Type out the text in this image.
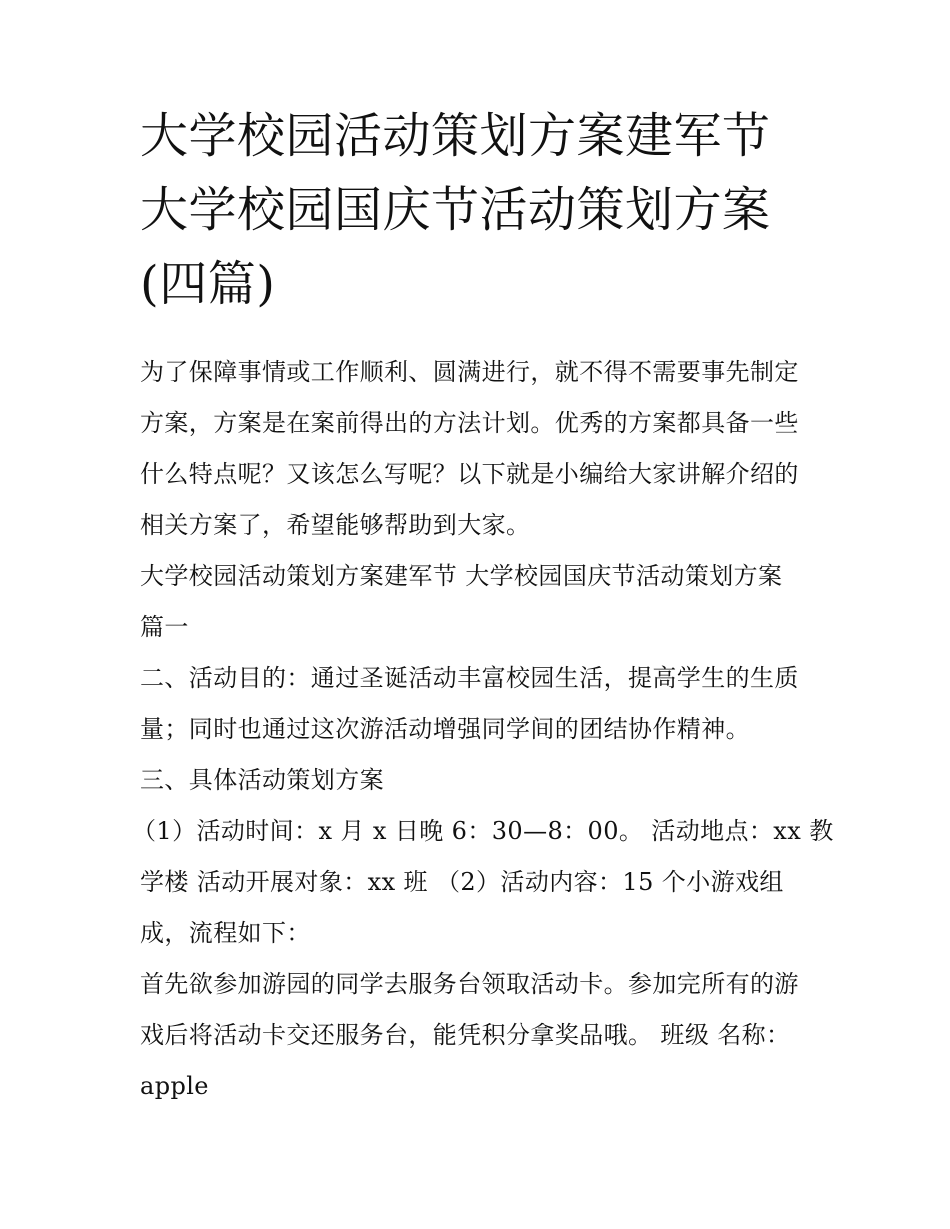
大学校园活动策划方案建军节
大学校园国庆节活动策划方案
(四篇)

为了保障事情或工作顺利、圆满进行，就不得不需要事先制定
方案，方案是在案前得出的方法计划。优秀的方案都具备一些
什么特点呢？又该怎么写呢？以下就是小编给大家讲解介绍的
相关方案了，希望能够帮助到大家。

大学校园活动策划方案建军节 大学校园国庆节活动策划方案
篇一

二、活动目的：通过圣诞活动丰富校园生活，提高学生的生质
量；同时也通过这次游活动增强同学间的团结协作精神。

三、具体活动策划方案

（1）活动时间：x 月 x 日晚 6：30—8：00。 活动地点：xx 教
学楼 活动开展对象：xx 班 （2）活动内容：15 个小游戏组
成，流程如下：

首先欲参加游园的同学去服务台领取活动卡。参加完所有的游
戏后将活动卡交还服务台，能凭积分拿奖品哦。 班级 名称：
apple
